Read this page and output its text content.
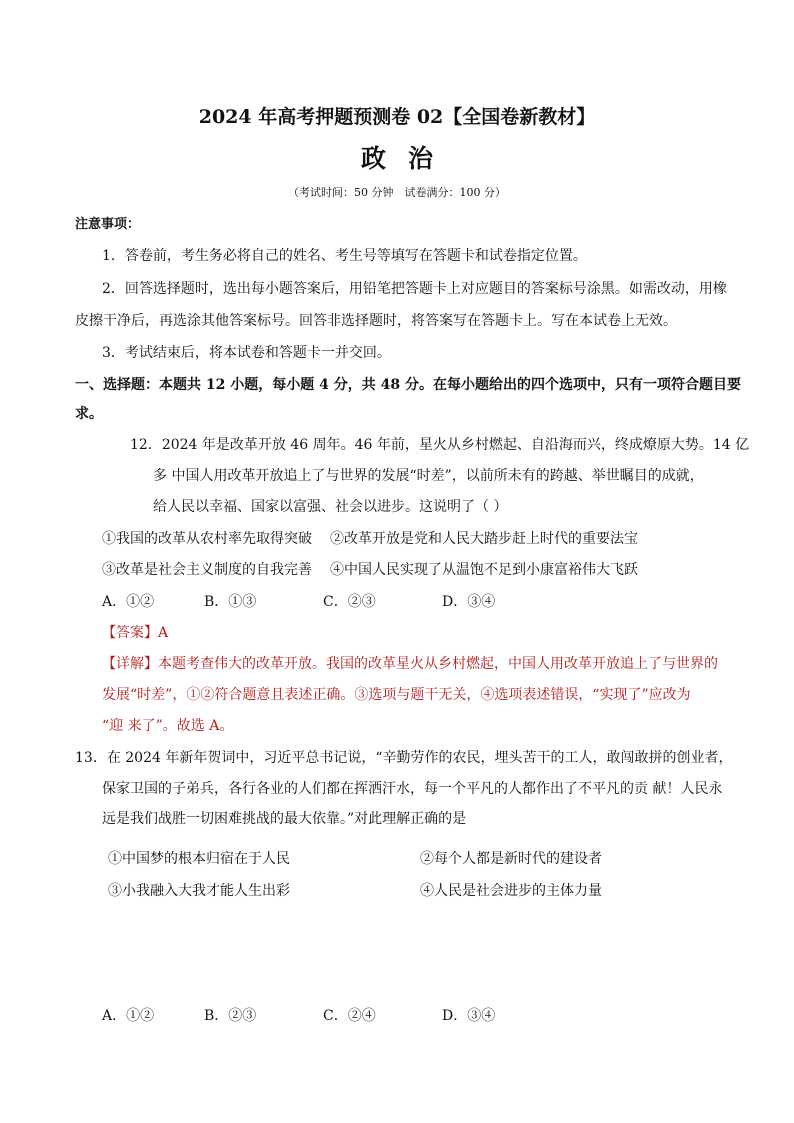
2024 年高考押题预测卷 02【全国卷新教材】
政治
（考试时间：50 分钟　试卷满分：100 分）
注意事项：
1．答卷前，考生务必将自己的姓名、考生号等填写在答题卡和试卷指定位置。
2．回答选择题时，选出每小题答案后，用铅笔把答题卡上对应题目的答案标号涂黑。如需改动，用橡
皮擦干净后，再选涂其他答案标号。回答非选择题时，将答案写在答题卡上。写在本试卷上无效。
3．考试结束后，将本试卷和答题卡一并交回。
一、选择题：本题共 12 小题，每小题 4 分，共 48 分。在每小题给出的四个选项中，只有一项符合题目要
求。
12．2024 年是改革开放 46 周年。46 年前，星火从乡村燃起、自沿海而兴，终成燎原大势。14 亿
多 中国人用改革开放追上了与世界的发展“时差”，以前所未有的跨越、举世瞩目的成就，
给人民以幸福、国家以富强、社会以进步。这说明了（ ）
①我国的改革从农村率先取得突破 ②改革开放是党和人民大踏步赶上时代的重要法宝
③改革是社会主义制度的自我完善 ④中国人民实现了从温饱不足到小康富裕伟大飞跃
A．①②	B．①③	C．②③	D．③④
【答案】A
【详解】本题考查伟大的改革开放。我国的改革星火从乡村燃起，中国人用改革开放追上了与世界的
发展“时差”，①②符合题意且表述正确。③选项与题干无关，④选项表述错误，“实现了”应改为
“迎 来了”。故选 A。
13．在 2024 年新年贺词中，习近平总书记说，“辛勤劳作的农民，埋头苦干的工人，敢闯敢拼的创业者，
保家卫国的子弟兵，各行各业的人们都在挥洒汗水，每一个平凡的人都作出了不平凡的贡 献！人民永
远是我们战胜一切困难挑战的最大依靠。”对此理解正确的是
①中国梦的根本归宿在于人民	②每个人都是新时代的建设者
③小我融入大我才能人生出彩	④人民是社会进步的主体力量
A．①②	B．②③	C．②④	D．③④
